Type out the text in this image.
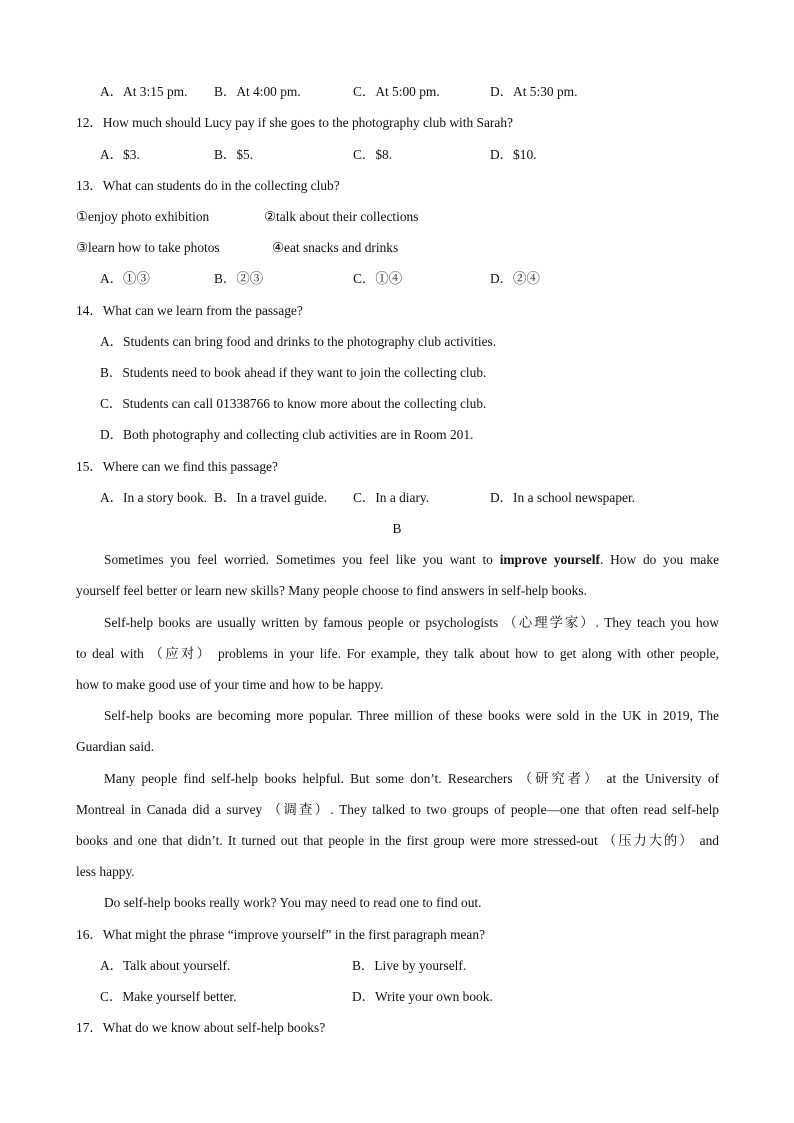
A．At 3:15 pm. B．At 4:00 pm.	C．At 5:00 pm.	D．At 5:30 pm.
12．How much should Lucy pay if she goes to the photography club with Sarah?
A．$3.	B．$5.	C．$8.	D．$10.
13．What can students do in the collecting club?
①enjoy photo exhibition	②talk about their collections
③learn how to take photos	④eat snacks and drinks
A．①③	B．②③	C．①④	D．②④
14．What can we learn from the passage?
A．Students can bring food and drinks to the photography club activities.
B．Students need to book ahead if they want to join the collecting club.
C．Students can call 01338766 to know more about the collecting club.
D．Both photography and collecting club activities are in Room 201.
15．Where can we find this passage?
A．In a story book. B．In a travel guide. C．In a diary.	D．In a school newspaper.
B
Sometimes you feel worried. Sometimes you feel like you want to improve yourself. How do you make
yourself feel better or learn new skills? Many people choose to find answers in self-help books.
Self-help books are usually written by famous people or psychologists （心理学家）. They teach you how
to deal with （应对） problems in your life. For example, they talk about how to get along with other people,
how to make good use of your time and how to be happy.
Self-help books are becoming more popular. Three million of these books were sold in the UK in 2019, The
Guardian said.
Many people find self-help books helpful. But some don’t. Researchers （研究者） at the University of
Montreal in Canada did a survey （调查）. They talked to two groups of people—one that often read self-help
books and one that didn’t. It turned out that people in the first group were more stressed-out （压力大的） and
less happy.
Do self-help books really work? You may need to read one to find out.
16．What might the phrase “improve yourself” in the first paragraph mean?
A．Talk about yourself.	B．Live by yourself.
C．Make yourself better.	D．Write your own book.
17．What do we know about self-help books?
